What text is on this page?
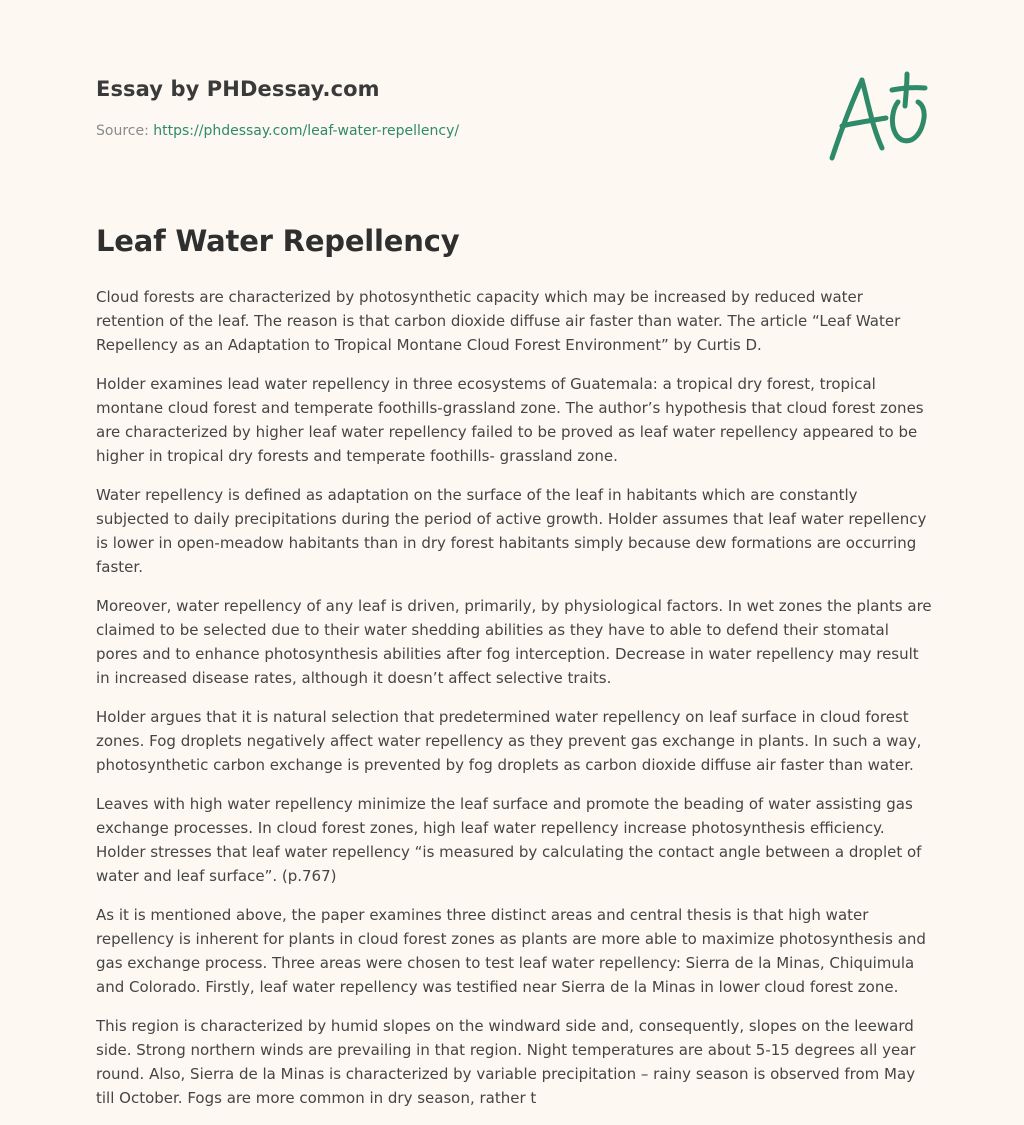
Essay by PHDessay.com
Source: https://phdessay.com/leaf-water-repellency/
Leaf Water Repellency

Cloud forests are characterized by photosynthetic capacity which may be increased by reduced water retention of the leaf. The reason is that carbon dioxide diffuse air faster than water. The article “Leaf Water Repellency as an Adaptation to Tropical Montane Cloud Forest Environment” by Curtis D.

Holder examines lead water repellency in three ecosystems of Guatemala: a tropical dry forest, tropical montane cloud forest and temperate foothills-grassland zone. The author’s hypothesis that cloud forest zones are characterized by higher leaf water repellency failed to be proved as leaf water repellency appeared to be higher in tropical dry forests and temperate foothills- grassland zone.

Water repellency is defined as adaptation on the surface of the leaf in habitants which are constantly subjected to daily precipitations during the period of active growth. Holder assumes that leaf water repellency is lower in open-meadow habitants than in dry forest habitants simply because dew formations are occurring faster.

Moreover, water repellency of any leaf is driven, primarily, by physiological factors. In wet zones the plants are claimed to be selected due to their water shedding abilities as they have to able to defend their stomatal pores and to enhance photosynthesis abilities after fog interception. Decrease in water repellency may result in increased disease rates, although it doesn’t affect selective traits.

Holder argues that it is natural selection that predetermined water repellency on leaf surface in cloud forest zones. Fog droplets negatively affect water repellency as they prevent gas exchange in plants. In such a way, photosynthetic carbon exchange is prevented by fog droplets as carbon dioxide diffuse air faster than water.

Leaves with high water repellency minimize the leaf surface and promote the beading of water assisting gas exchange processes. In cloud forest zones, high leaf water repellency increase photosynthesis efficiency. Holder stresses that leaf water repellency “is measured by calculating the contact angle between a droplet of water and leaf surface”. (p.767)

As it is mentioned above, the paper examines three distinct areas and central thesis is that high water repellency is inherent for plants in cloud forest zones as plants are more able to maximize photosynthesis and gas exchange process. Three areas were chosen to test leaf water repellency: Sierra de la Minas, Chiquimula and Colorado. Firstly, leaf water repellency was testified near Sierra de la Minas in lower cloud forest zone.

This region is characterized by humid slopes on the windward side and, consequently, slopes on the leeward side. Strong northern winds are prevailing in that region. Night temperatures are about 5-15 degrees all year round. Also, Sierra de la Minas is characterized by variable precipitation – rainy season is observed from May till October. Fogs are more common in dry season, rather t
